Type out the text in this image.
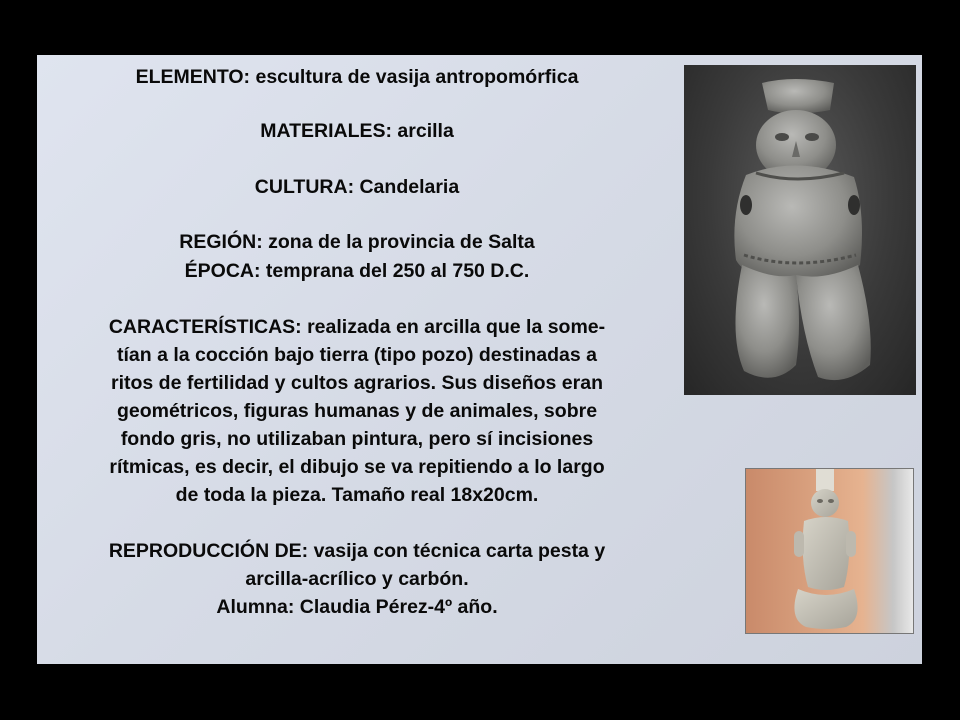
ELEMENTO: escultura de vasija antropomórfica

MATERIALES: arcilla

CULTURA: Candelaria

REGIÓN: zona de la provincia de Salta

ÉPOCA: temprana del 250 al 750 D.C.

CARACTERÍSTICAS: realizada en arcilla que la some-

tían a la cocción bajo tierra (tipo pozo) destinadas a

ritos de fertilidad y cultos agrarios. Sus diseños eran

geométricos, figuras humanas y de animales, sobre

fondo gris, no utilizaban pintura, pero sí incisiones

rítmicas, es decir, el dibujo se va repitiendo a lo largo

de toda la pieza. Tamaño real 18x20cm.

REPRODUCCIÓN DE: vasija con técnica carta pesta y

arcilla-acrílico y carbón.

Alumna: Claudia Pérez-4º año.
